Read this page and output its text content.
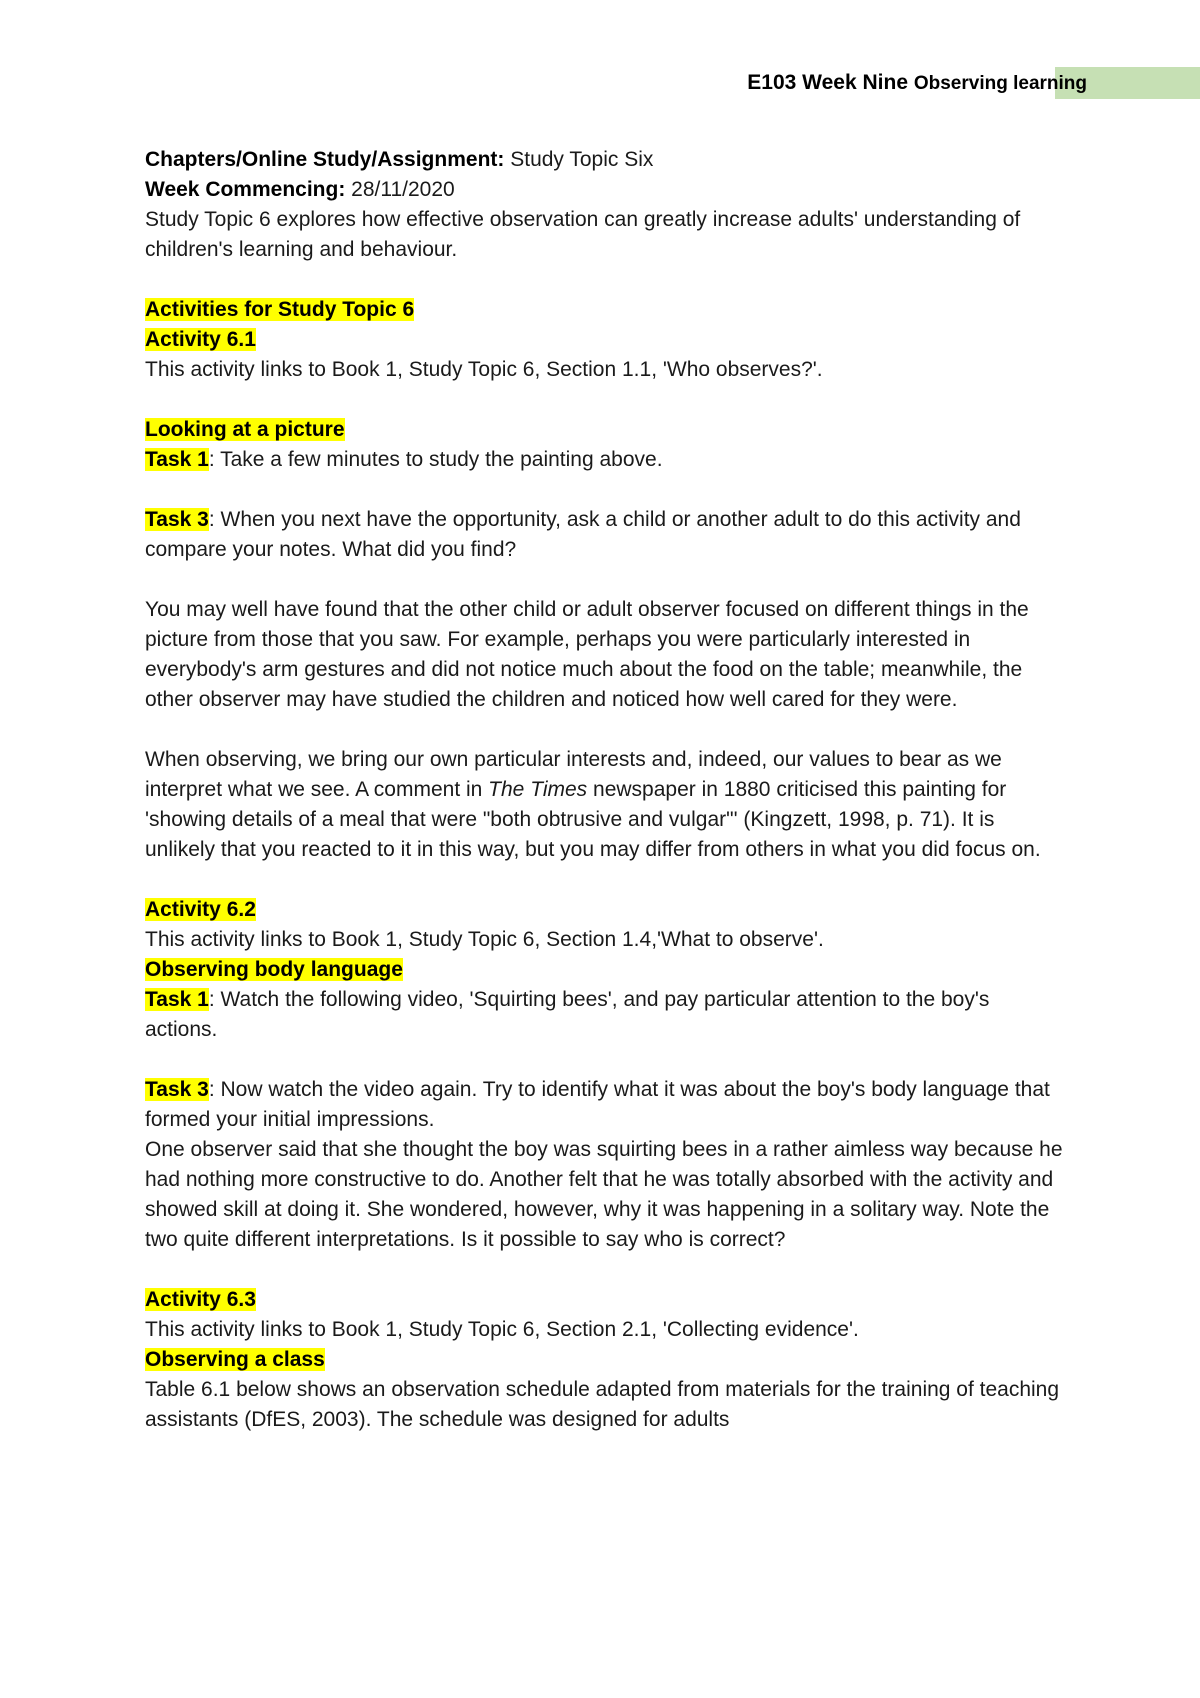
E103 Week Nine Observing learning

Chapters/Online Study/Assignment: Study Topic Six

Week Commencing: 28/11/2020

Study Topic 6 explores how effective observation can greatly increase adults' understanding of children's learning and behaviour.

Activities for Study Topic 6

Activity 6.1

This activity links to Book 1, Study Topic 6, Section 1.1, 'Who observes?'.

Looking at a picture

Task 1: Take a few minutes to study the painting above.

Task 3: When you next have the opportunity, ask a child or another adult to do this activity and compare your notes. What did you find?

You may well have found that the other child or adult observer focused on different things in the picture from those that you saw. For example, perhaps you were particularly interested in everybody's arm gestures and did not notice much about the food on the table; meanwhile, the other observer may have studied the children and noticed how well cared for they were.

When observing, we bring our own particular interests and, indeed, our values to bear as we interpret what we see. A comment in The Times newspaper in 1880 criticised this painting for 'showing details of a meal that were "both obtrusive and vulgar"' (Kingzett, 1998, p. 71). It is unlikely that you reacted to it in this way, but you may differ from others in what you did focus on.

Activity 6.2

This activity links to Book 1, Study Topic 6, Section 1.4,'What to observe'.

Observing body language

Task 1: Watch the following video, 'Squirting bees', and pay particular attention to the boy's actions.

Task 3: Now watch the video again. Try to identify what it was about the boy's body language that formed your initial impressions.

One observer said that she thought the boy was squirting bees in a rather aimless way because he had nothing more constructive to do. Another felt that he was totally absorbed with the activity and showed skill at doing it. She wondered, however, why it was happening in a solitary way. Note the two quite different interpretations. Is it possible to say who is correct?

Activity 6.3

This activity links to Book 1, Study Topic 6, Section 2.1, 'Collecting evidence'.

Observing a class

Table 6.1 below shows an observation schedule adapted from materials for the training of teaching assistants (DfES, 2003). The schedule was designed for adults
